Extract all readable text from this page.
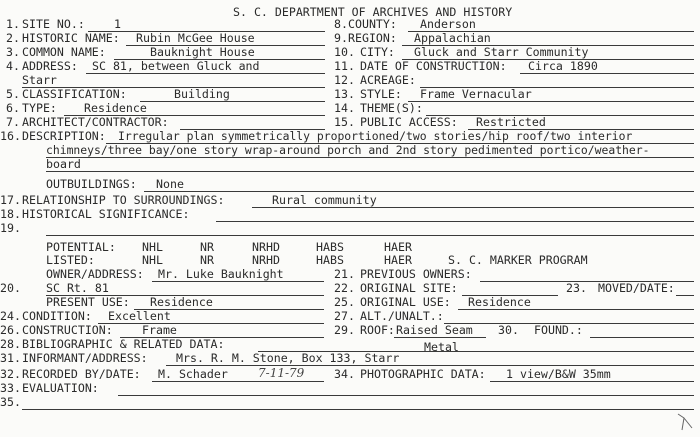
S. C. DEPARTMENT OF ARCHIVES AND HISTORY
1. SITE NO.:	1	8. COUNTY: Anderson
2. HISTORIC NAME: Rubin McGee House	9. REGION: Appalachian
3. COMMON NAME:	Bauknight House	10. CITY: Gluck and Starr Community
4. ADDRESS: SC 81, between Gluck and
Starr
11. DATE OF CONSTRUCTION: Circa 1890
12. ACREAGE:
5. CLASSIFICATION:	Building	13. STYLE: Frame Vernacular
6. TYPE: Residence	14. THEME(S):
7. ARCHITECT/CONTRACTOR:	15. PUBLIC ACCESS: Restricted
16. DESCRIPTION: Irregular plan symmetrically proportioned/two stories/hip roof/two interior
chimneys/three bay/one story wrap-around porch and 2nd story pedimented portico/weather-
board
OUTBUILDINGS: None
17. RELATIONSHIP TO SURROUNDINGS:	Rural community
18. HISTORICAL SIGNIFICANCE:
19.
POTENTIAL: NHL	NR	NRHD	HABS	HAER
LISTED:	NHL	NR	NRHD	HABS	HAER	S. C. MARKER PROGRAM
OWNER/ADDRESS: Mr. Luke Bauknight	21. PREVIOUS OWNERS:
20. SC Rt. 81	22. ORIGINAL SITE:	23. MOVED/DATE:
PRESENT USE: Residence	25. ORIGINAL USE: Residence
24. CONDITION: Excellent	27. ALT./UNALT.:
26. CONSTRUCTION:	Frame	29. ROOF: Raised Seam 30. FOUND.:
28. BIBLIOGRAPHIC & RELATED DATA:	Metal
31. INFORMANT/ADDRESS: Mrs. R. M. Stone, Box 133, Starr
32. RECORDED BY/DATE: M. Schader	7-11-79	34. PHOTOGRAPHIC DATA: 1 view/B&W 35mm
33. EVALUATION:
35.
